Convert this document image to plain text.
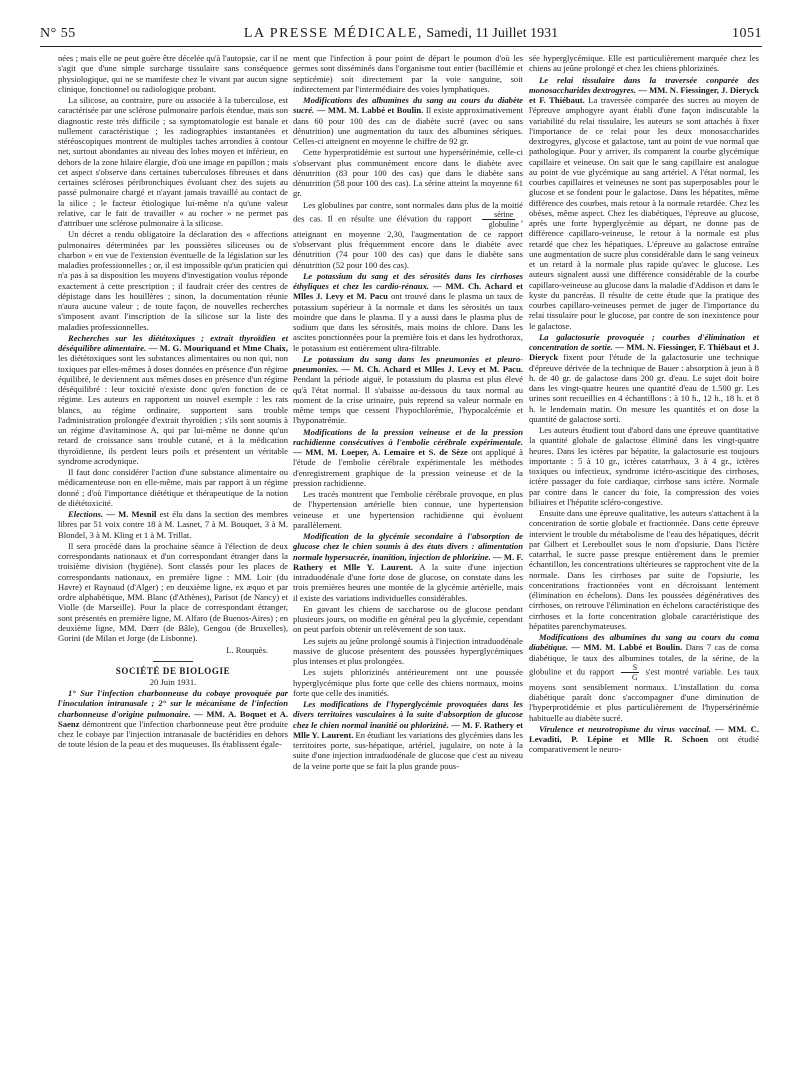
N° 55	LA PRESSE MÉDICALE, Samedi, 11 Juillet 1931	1051

nées ; mais elle ne peut guère être décelée qu'à l'autopsie, car il ne s'agit que d'une simple surcharge tissulaire sans conséquence physiologique, qui ne se manifeste chez le vivant par aucun signe clinique, fonctionnel ou radiologique probant.

La silicose, au contraire, pure ou associée à la tuberculose, est caractérisée par une sclérose pulmonaire parfois étendue, mais son diagnostic reste très difficile ; sa symptomatologie est banale et nullement caractéristique ; les radiographies instantanées et stéréoscopiques montrent de multiples taches arrondies à contour net, surtout abondantes au niveau des lobes moyen et inférieur, en dehors de la zone hilaire élargie, d'où une image en papillon ; mais cet aspect s'observe dans certaines tuberculoses fibreuses et dans certaines scléroses péribronchiques évoluant chez des sujets au passé pulmonaire chargé et n'ayant jamais travaillé au contact de la silice ; le facteur étiologique lui-même n'a qu'une valeur relative, car le fait de travailler « au rocher » ne permet pas d'attribuer une sclérose pulmonaire à la silicose.

Un décret a rendu obligatoire la déclaration des « affections pulmonaires déterminées par les poussières siliceuses ou de charbon » en vue de l'extension éventuelle de la législation sur les maladies professionnelles ; or, il est impossible qu'un praticien qui n'a pas à sa disposition les moyens d'investigation voulus réponde exactement à cette prescription ; il faudrait créer des centres de dépistage dans les houillères ; sinon, la documentation réunie n'aura aucune valeur ; de toute façon, de nouvelles recherches s'imposent avant l'inscription de la silicose sur la liste des maladies professionnelles.

Recherches sur les diététoxiques ; extrait thyroïdien et déséquilibre alimentaire. — M. G. Mouriquand et Mme Chaix, les diététoxiques sont les substances alimentaires ou non qui, non toxiques par elles-mêmes à doses données en présence d'un régime équilibré, le deviennent aux mêmes doses en présence d'un régime déséquilibré : leur toxicité n'existe donc qu'en fonction de ce régime. Les auteurs en rapportent un nouvel exemple : les rats blancs, au régime ordinaire, supportent sans trouble l'administration prolongée d'extrait thyroïdien ; s'ils sont soumis à un régime d'avitaminose A, qui par lui-même ne donne qu'un retard de croissance sans trouble cutané, et à la médication thyroïdienne, ils perdent leurs poils et présentent un véritable syndrome acrodynique.

Il faut donc considérer l'action d'une substance alimentaire ou médicamenteuse non en elle-même, mais par rapport à un régime donné ; d'où l'importance diététique et thérapeutique de la notion de diététoxicité.

Elections. — M. Mesnil est élu dans la section des membres libres par 51 voix contre 18 à M. Lasnet, 7 à M. Bouquet, 3 à M. Blondel, 3 à M. Kling et 1 à M. Trillat.

Il sera procédé dans la prochaine séance à l'élection de deux correspondants nationaux et d'un correspondant étranger dans la troisième division (hygiène). Sont classés pour les places de correspondants nationaux, en première ligne : MM. Loir (du Havre) et Raynaud (d'Alger) ; en deuxième ligne, ex æquo et par ordre alphabétique, MM. Blanc (d'Athènes), Parisot (de Nancy) et Violle (de Marseille). Pour la place de correspondant étranger, sont présentés en première ligne, M. Alfaro (de Buenos-Aires) ; en deuxième ligne, MM. Dœrr (de Bâle), Gengou (de Bruxelles), Gorini (de Milan et Jorge (de Lisbonne).

L. Rouquès.

SOCIÉTÉ DE BIOLOGIE

20 Juin 1931.

1° Sur l'infection charbonneuse du cobaye provoquée par l'inoculation intranasale ; 2° sur le mécanisme de l'infection charbonneuse d'origine pulmonaire. — MM. A. Boquet et A. Saenz démontrent que l'infection charbonneuse peut être produite chez le cobaye par l'injection intranasale de bactéridies en dehors de toute lésion de la peau et des muqueuses. Ils établissent égale-

ment que l'infection à pour point de départ le poumon d'où les germes sont disséminés dans l'organisme tout entier (bacillémie et septicémie) soit directement par la voie sanguine, soit indirectement par l'intermédiaire des voies lymphatiques.

Modifications des albumines du sang au cours du diabète sucré. — MM. M. Labbé et Boulin. Il existe approximativement dans 60 pour 100 des cas de diabète sucré (avec ou sans dénutrition) une augmentation du taux des albumines sériques. Celles-ci atteignent en moyenne le chiffre de 92 gr.

Cette hyperprotidémie est surtout une hypersérinémie, celle-ci s'observant plus communément encore dans le diabète avec dénutrition (83 pour 100 des cas) que dans le diabète sans dénutrition (58 pour 100 des cas). La sérine atteint la moyenne 61 gr.

Les globulines par contre, sont normales dans plus de la moitié des cas. Il en résulte une élévation du rapport $\frac{\text{sérine}}{\text{globuline}}$ , atteignant en moyenne 2,30, l'augmentation de ce rapport s'observant plus fréquemment encore dans le diabète avec dénutrition (74 pour 100 des cas) que dans le diabète sans dénutrition (52 pour 100 des cas).

Le potassium du sang et des sérosités dans les cirrhoses éthyliques et chez les cardio-rénaux. — MM. Ch. Achard et Mlles J. Levy et M. Pacu ont trouvé dans le plasma un taux de potassium supérieur à la normale et dans les sérosités un taux moindre que dans le plasma. Il y a aussi dans le plasma plus de sodium que dans les sérosités, mais moins de chlore. Dans les ascites ponctionnées pour la première fois et dans les hydrothorax, le potassium est entièrement ultra-filtrable.

Le potassium du sang dans les pneumonies et pleuro-pneumonies. — M. Ch. Achard et Mlles J. Levy et M. Pacu. Pendant la période aiguë, le potassium du plasma est plus élevé qu'à l'état normal. Il s'abaisse au-dessous du taux normal au moment de la crise urinaire, puis reprend sa valeur normale en même temps que cessent l'hypochlorémie, l'hypocalcémie et l'hyponatrémie.

Modifications de la pression veineuse et de la pression rachidienne consécutives à l'embolie cérébrale expérimentale. — MM. M. Loeper, A. Lemaire et S. de Sèze ont appliqué à l'étude de l'embolie cérébrale expérimentale les méthodes d'enregistrement graphique de la pression veineuse et de la pression rachidienne.

Les tracés montrent que l'embolie cérébrale provoque, en plus de l'hypertension artérielle bien connue, une hypertension veineuse et une hypertension rachidienne qui évoluent parallèlement.

Modification de la glycémie secondaire à l'absorption de glucose chez le chien soumis à des états divers : alimentation normale hypersucrée, inanition, injection de phlorizine. — M. F. Rathery et Mlle Y. Laurent. A la suite d'une injection intraduodénale d'une forte dose de glucose, on constate dans les trois premières heures une montée de la glycémie artérielle, mais il existe des variations individuelles considérables.

En gavant les chiens de saccharose ou de glucose pendant plusieurs jours, on modifie en général peu la glycémie, cependant on peut parfois obtenir un relèvement de son taux.

Les sujets au jeûne prolongé soumis à l'injection intraduodénale massive de glucose présentent des poussées hyperglycémiques plus intenses et plus prolongées.

Les sujets phlorizinés antérieurement ont une poussée hyperglycémique plus forte que celle des chiens normaux, moins forte que celle des inanitiés.

Les modifications de l'hyperglycémie provoquées dans les divers territoires vasculaires à la suite d'absorption de glucose chez le chien normal inanitié ou phlorizinè. — M. F. Rathery et Mlle Y. Laurent. En étudiant les variations des glycémies dans les territoires porte, sus-hépatique, artériel, jugulaire, on note à la suite d'une injection intraduodénale de glucose que c'est au niveau de la veine porte que se fait la plus grande pous-

sée hyperglycémique. Elle est particulièrement marquée chez les chiens au jeûne prolongé et chez les chiens phlorizinés.

Le relai tissulaire dans la traversée conparée des monosaccharides dextrogyres. — MM. N. Fiessinger, J. Dieryck et F. Thiébaut. La traversée comparée des sucres au moyen de l'épreuve amphogyre ayant établi d'une façon indiscutable la variabilité du relai tissulaire, les auteurs se sont attachés à fixer l'importance de ce relai pour les deux monosaccharides dextrogyres, glycose et galactose, tant au point de vue normal que pathologique. Pour y arriver, ils comparent la courbe glycémique capillaire et veineuse. On sait que le sang capillaire est analogue au point de vue glycémique au sang artériel. A l'état normal, les courbes capillaires et veineuses ne sont pas superposables pour le glucose et se fondent pour le galactose. Dans les hépatites, même différence des courbes, mais retour à la normale retardée. Chez les obèses, même aspect. Chez les diabétiques, l'épreuve au glucose, après une forte hyperglycémie au départ, ne donne pas de différence capillaro-veineuse, le retour à la normale est plus retardé que chez les hépatiques. L'épreuve au galactose entraîne une augmentation de sucre plus considérable dans le sang veineux et un retard à la normale plus rapide qu'avec le glucose. Les auteurs signalent aussi une différence considérable de la courbe capillaro-veineuse au glucose dans la maladie d'Addison et dans le kyste du pancréas. Il résulte de cette étude que la pratique des courbes capillaro-veineuses permet de juger de l'importance du relai tissulaire pour le glucose, par contre de son inexistence pour le galactose.

La galactosurie provoquée ; courbes d'élimination et concentration de sortie. — MM. N. Fiessinger, F. Thiébaut et J. Dieryck fixent pour l'étude de la galactosurie une technique d'épreuve dérivée de la technique de Bauer : absorption à jeun à 8 h. de 40 gr. de galactose dans 200 gr. d'eau. Le sujet doit boire dans les vingt-quatre heures une quantité d'eau de 1.500 gr. Les urines sont recueillies en 4 échantillons : à 10 h., 12 h., 18 h. et 8 h. le lendemain matin. On mesure les quantités et on dose la quantité de galactose sorti.

Les auteurs étudient tout d'abord dans une épreuve quantitative la quantité globale de galactose éliminé dans les vingt-quatre heures. Dans les ictères par hépatite, la galactosurie est toujours importante : 5 à 10 gr., ictères catarrhaux, 3 à 4 gr., ictères toxiques ou infectieux, syndrome ictéro-ascitique des cirrhoses, ictère passager du foie cardiaque, cirrhose sans ictère. Normale par contre dans le cancer du foie, la compression des voies biliaires et l'hépatite scléro-congestive.

Ensuite dans une épreuve qualitative, les auteurs s'attachent à la concentration de sortie globale et fractionnée. Dans cette épreuve intervient le trouble du métabolisme de l'eau des hépatiques, décrit par Gilbert et Lereboullet sous le nom d'opsiurie. Dans l'ictère catarrhal, le sucre passe presque entièrement dans le premier échantillon, les concentrations ultérieures se rapprochent vite de la normale. Dans les cirrhoses par suite de l'opsiurie, les concentrations fractionnées vont en décroissant lentement (élimination en échelons). Dans les poussées dégénératives des cirrhoses, on retrouve l'élimination en échelons caractéristique des cirrhoses et la forte concentration globale caractéristique des hépatites parenchymateuses.

Modifications des albumines du sang au cours du coma diabétique. — MM. M. Labbé et Boulin. Dans 7 cas de coma diabétique, le taux des albumines totales, de la sérine, de la globuline et du rapport $\frac{S}{G} s'est$ montré variable. Les taux moyens sont sensiblement normaux. L'installation du coma diabétique paraît donc s'accompagner d'une diminution de l'hyperprotidémie et plus particulièrement de l'hypersérinémie habituelle au diabète sucré.

Virulence et neurotropisme du virus vaccinal. — MM. C. Levaditi, P. Lépine et Mlle R. Schoen ont étudié comparativement le neuro-
